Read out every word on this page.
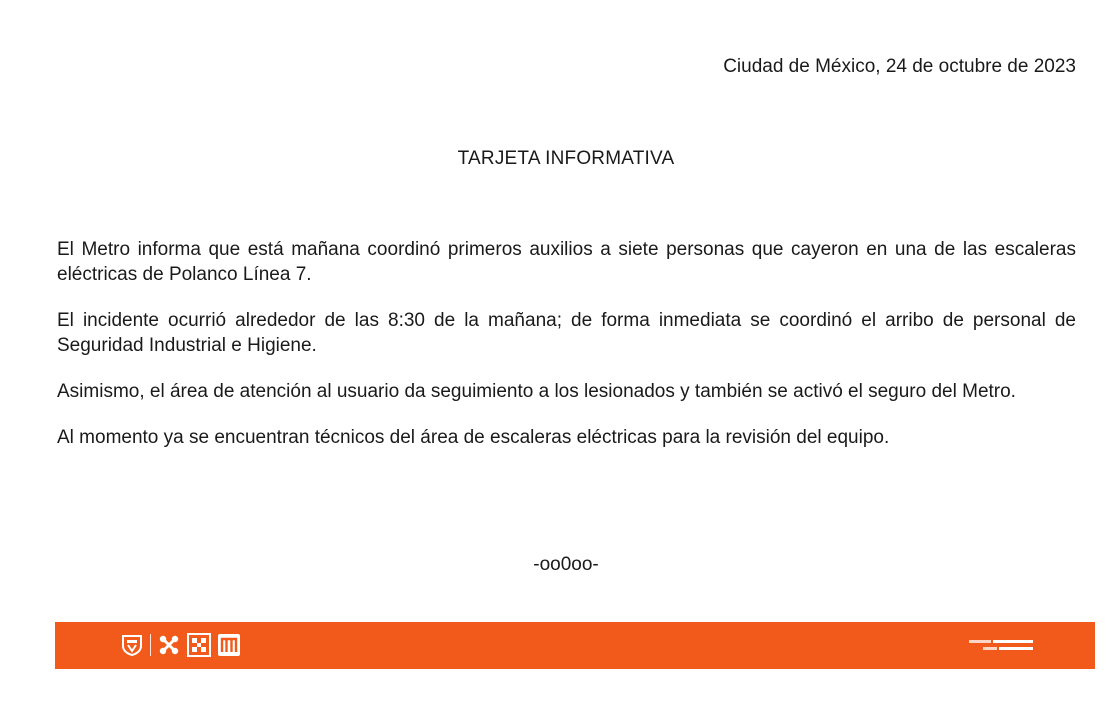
Ciudad de México, 24 de octubre de 2023
TARJETA INFORMATIVA

El Metro informa que está mañana coordinó primeros auxilios a siete personas que cayeron en una de las escaleras eléctricas de Polanco Línea 7.

El incidente ocurrió alrededor de las 8:30 de la mañana; de forma inmediata se coordinó el arribo de personal de Seguridad Industrial e Higiene.

Asimismo, el área de atención al usuario da seguimiento a los lesionados y también se activó el seguro del Metro.

Al momento ya se encuentran técnicos del área de escaleras eléctricas para la revisión del equipo.

-oo0oo-
